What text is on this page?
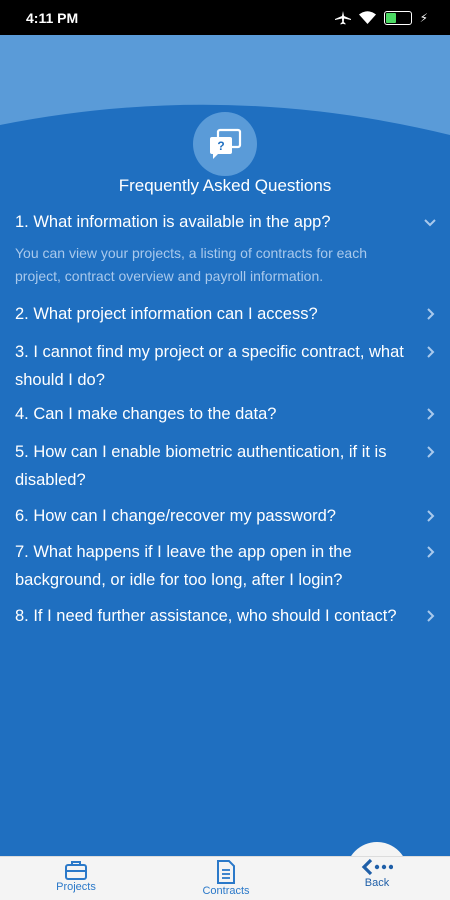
4:11 PM	⚡
?
Frequently Asked Questions
1. What information is available in the app?
You can view your projects, a listing of contracts for each project, contract overview and payroll information.
2. What project information can I access?
3. I cannot find my project or a specific contract, what should I do?
4. Can I make changes to the data?
5. How can I enable biometric authentication, if it is disabled?
6. How can I change/recover my password?
7. What happens if I leave the app open in the background, or idle for too long, after I login?
8. If I need further assistance, who should I contact?
Projects	Contracts
Back
